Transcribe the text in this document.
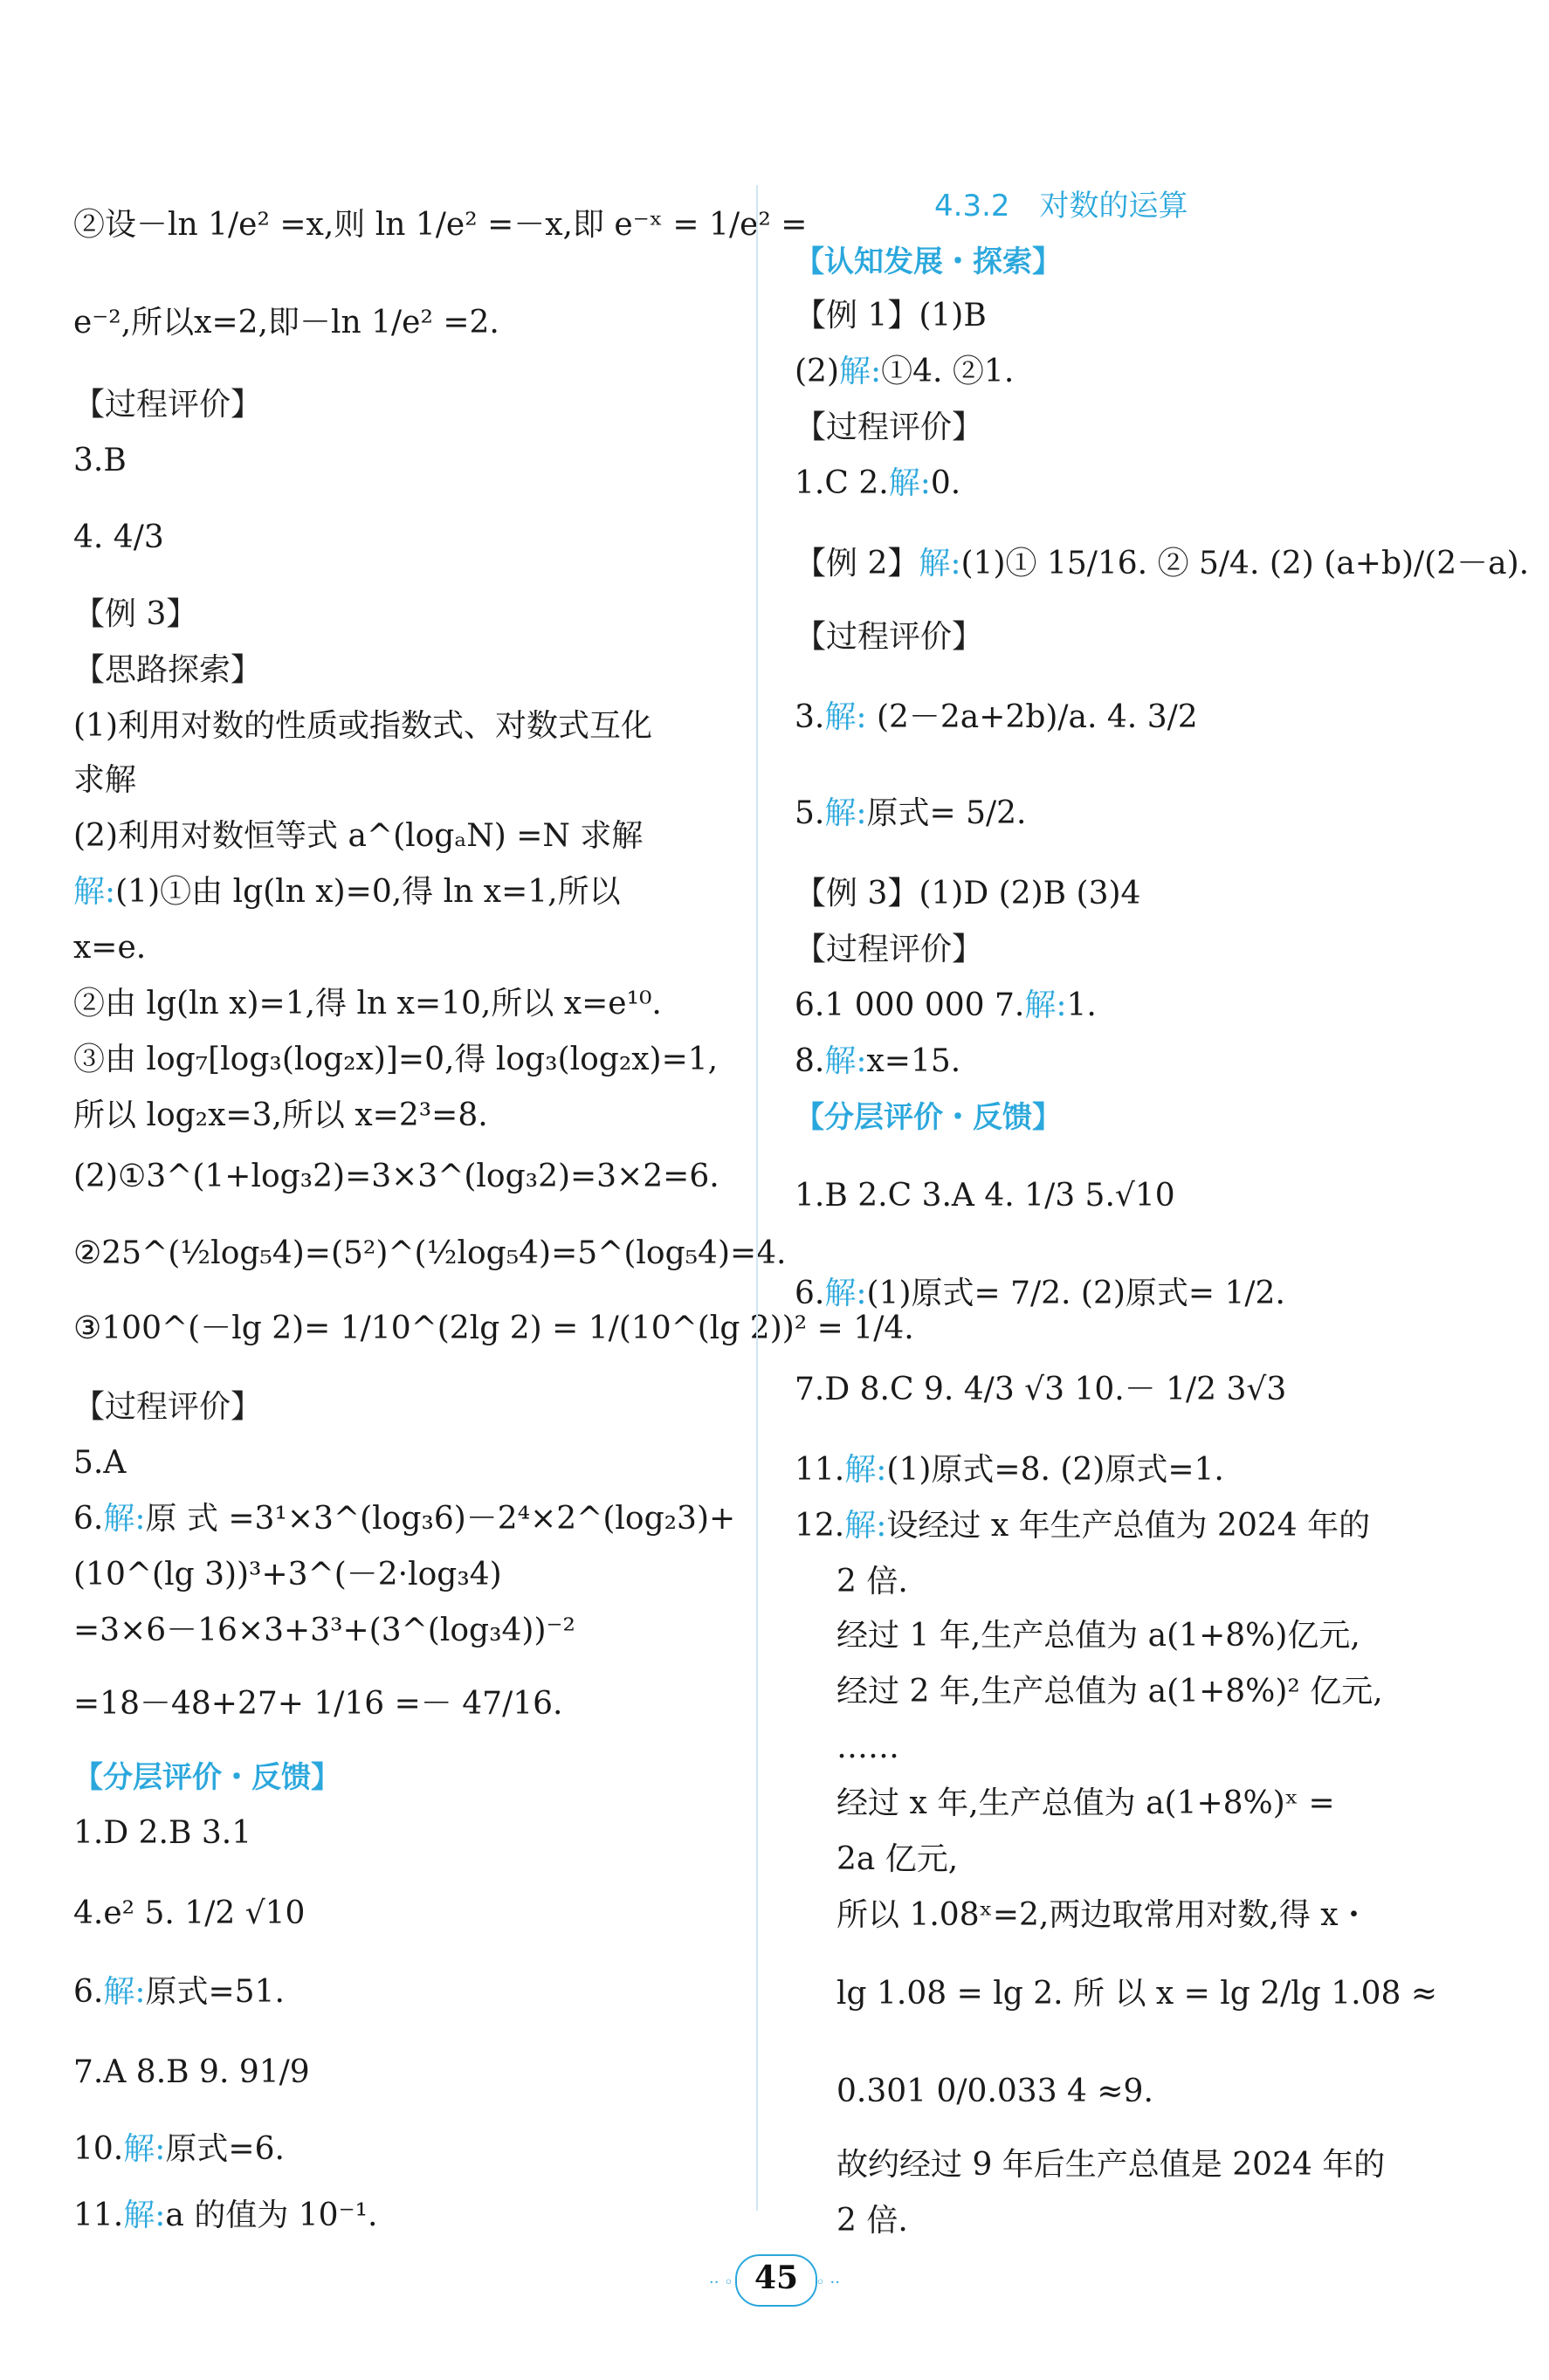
②设－ln 1/e² =x,则 ln 1/e² =－x,即 e⁻ˣ = 1/e² =
e⁻²,所以x=2,即－ln 1/e² =2.
【过程评价】
3.B
4. 4/3
【例 3】
【思路探索】
(1)利用对数的性质或指数式、对数式互化
求解
(2)利用对数恒等式 a^(logₐN) =N 求解
解:(1)①由 lg(ln x)=0,得 ln x=1,所以
x=e.
②由 lg(ln x)=1,得 ln x=10,所以 x=e¹⁰.
③由 log₇[log₃(log₂x)]=0,得 log₃(log₂x)=1,
所以 log₂x=3,所以 x=2³=8.
(2)①3^(1+log₃2)=3×3^(log₃2)=3×2=6.
②25^(½log₅4)=(5²)^(½log₅4)=5^(log₅4)=4.
③100^(－lg 2)= 1/10^(2lg 2) = 1/(10^(lg 2))² = 1/4.
【过程评价】
5.A
6.解:原 式 =3¹×3^(log₃6)－2⁴×2^(log₂3)+
(10^(lg 3))³+3^(－2·log₃4)
=3×6－16×3+3³+(3^(log₃4))⁻²
=18－48+27+ 1/16 =－ 47/16.
【分层评价・反馈】
1.D 2.B 3.1
4.e² 5. 1/2 √10
6.解:原式=51.
7.A 8.B 9. 91/9
10.解:原式=6.
11.解:a 的值为 10⁻¹.
4.3.2　对数的运算
【认知发展・探索】
【例 1】(1)B
(2)解:①4. ②1.
【过程评价】
1.C 2.解:0.
【例 2】解:(1)① 15/16. ② 5/4. (2) (a+b)/(2－a).
【过程评价】
3.解: (2－2a+2b)/a. 4. 3/2
5.解:原式= 5/2.
【例 3】(1)D (2)B (3)4
【过程评价】
6.1 000 000 7.解:1.
8.解:x=15.
【分层评价・反馈】
1.B 2.C 3.A 4. 1/3 5.√10
6.解:(1)原式= 7/2. (2)原式= 1/2.
7.D 8.C 9. 4/3 √3 10.－ 1/2 3√3
11.解:(1)原式=8. (2)原式=1.
12.解:设经过 x 年生产总值为 2024 年的
2 倍.
经过 1 年,生产总值为 a(1+8%)亿元,
经过 2 年,生产总值为 a(1+8%)² 亿元,
……
经过 x 年,生产总值为 a(1+8%)ˣ =
2a 亿元,
所以 1.08ˣ=2,两边取常用对数,得 x・
lg 1.08 = lg 2. 所 以 x = lg 2/lg 1.08 ≈
0.301 0/0.033 4 ≈9.
故约经过 9 年后生产总值是 2024 年的
2 倍.
·· ◦ 45	◦ ··
